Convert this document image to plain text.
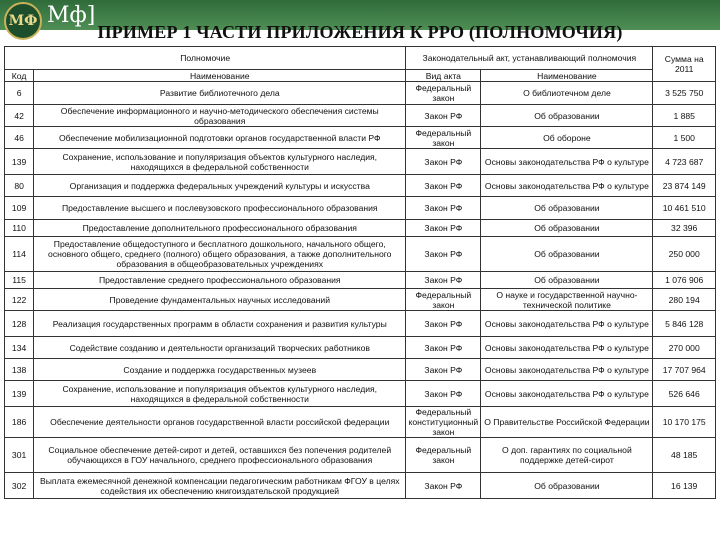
МФ Мф]
ПРИМЕР 1 ЧАСТИ ПРИЛОЖЕНИЯ К РРО (ПОЛНОМОЧИЯ)
Полномочие		Законодательный акт, устанавливающий полномочия		Сумма на 2011
Код	Наименование	Вид акта	Наименование	
6	Развитие библиотечного дела	Федеральный закон	О библиотечном деле	3 525 750
42	Обеспечение информационного и научно-методического обеспечения системы образования	Закон РФ	Об образовании	1 885
46	Обеспечение мобилизационной подготовки органов государственной власти РФ	Федеральный закон	Об обороне	1 500
139	Сохранение, использование и популяризация объектов культурного наследия, находящихся в федеральной собственности	Закон РФ	Основы законодательства РФ о культуре	4 723 687
80	Организация и поддержка федеральных учреждений культуры и искусства	Закон РФ	Основы законодательства РФ о культуре	23 874 149
109	Предоставление высшего и послевузовского профессионального образования	Закон РФ	Об образовании	10 461 510
110	Предоставление дополнительного профессионального образования	Закон РФ	Об образовании	32 396
114	Предоставление общедоступного и бесплатного дошкольного, начального общего, основного общего, среднего (полного) общего образования, а также дополнительного образования в общеобразовательных учреждениях	Закон РФ	Об образовании	250 000
115	Предоставление среднего профессионального образования	Закон РФ	Об образовании	1 076 906
122	Проведение фундаментальных научных исследований	Федеральный закон	О науке и государственной научно-технической политике	280 194
128	Реализация государственных программ в области сохранения и развития культуры	Закон РФ	Основы законодательства РФ о культуре	5 846 128
134	Содействие созданию и деятельности организаций творческих работников	Закон РФ	Основы законодательства РФ о культуре	270 000
138	Создание и поддержка государственных музеев	Закон РФ	Основы законодательства РФ о культуре	17 707 964
139	Сохранение, использование и популяризация объектов культурного наследия, находящихся в федеральной собственности	Закон РФ	Основы законодательства РФ о культуре	526 646
186	Обеспечение деятельности органов государственной власти российской федерации	Федеральный конституционный закон	О Правительстве Российской Федерации	10 170 175
301	Социальное обеспечение детей-сирот и детей, оставшихся без попечения родителей обучающихся в ГОУ начального, среднего профессионального образования	Федеральный закон	О доп. гарантиях по социальной поддержке детей-сирот	48 185
302	Выплата ежемесячной денежной компенсации педагогическим работникам ФГОУ в целях содействия их обеспечению книгоиздательской продукцией	Закон РФ	Об образовании	16 139
